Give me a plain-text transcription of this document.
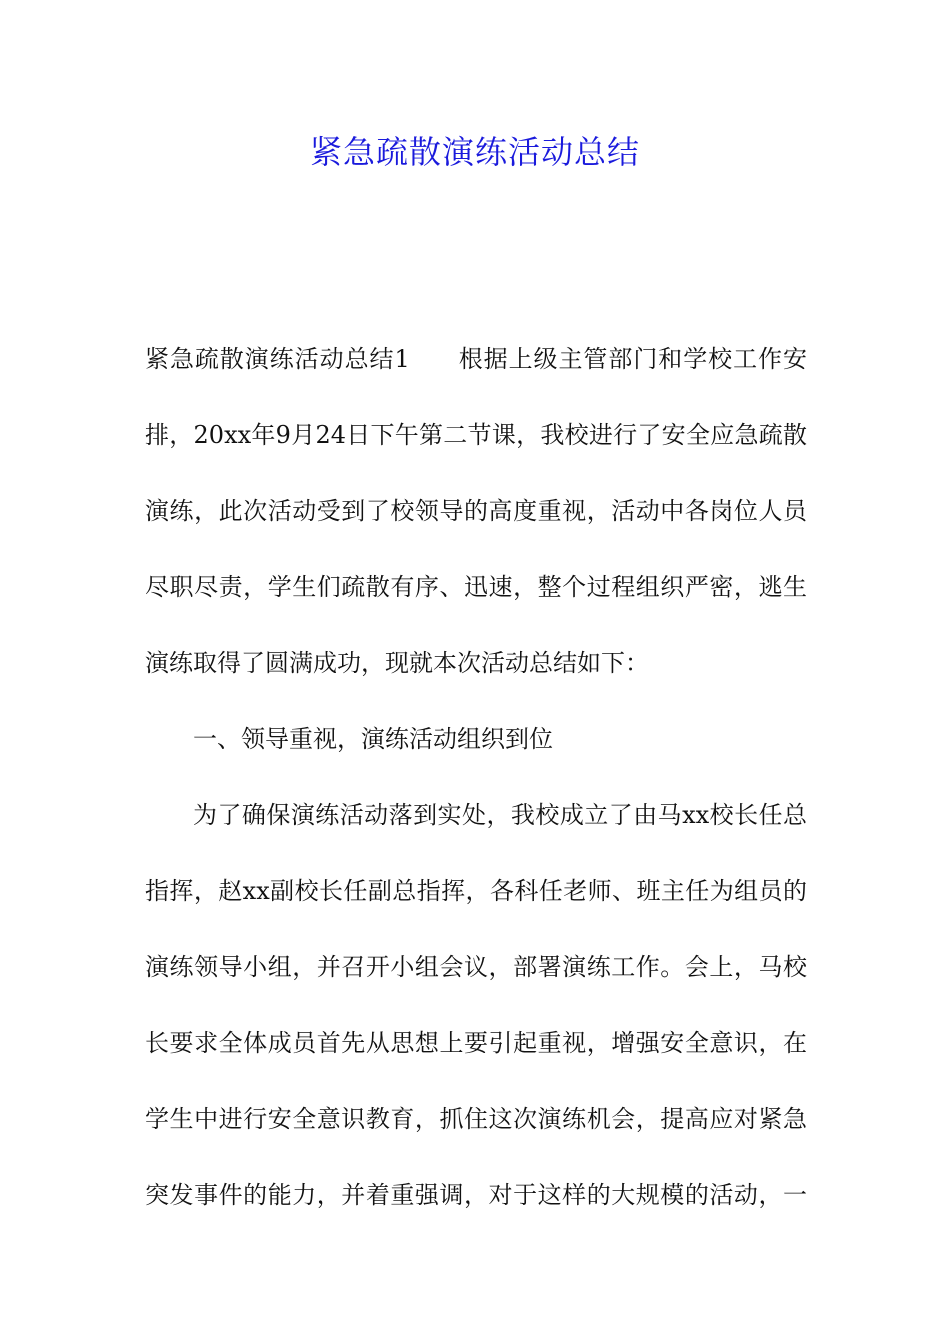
紧急疏散演练活动总结
紧急疏散演练活动总结1 根据上级主管部门和学校工作安
排，20xx年9月24日下午第二节课，我校进行了安全应急疏散
演练，此次活动受到了校领导的高度重视，活动中各岗位人员
尽职尽责，学生们疏散有序、迅速，整个过程组织严密，逃生
演练取得了圆满成功，现就本次活动总结如下：
一、领导重视，演练活动组织到位
为了确保演练活动落到实处，我校成立了由马xx校长任总
指挥，赵xx副校长任副总指挥，各科任老师、班主任为组员的
演练领导小组，并召开小组会议，部署演练工作。会上，马校
长要求全体成员首先从思想上要引起重视，增强安全意识，在
学生中进行安全意识教育，抓住这次演练机会，提高应对紧急
突发事件的能力，并着重强调，对于这样的大规模的活动，一
